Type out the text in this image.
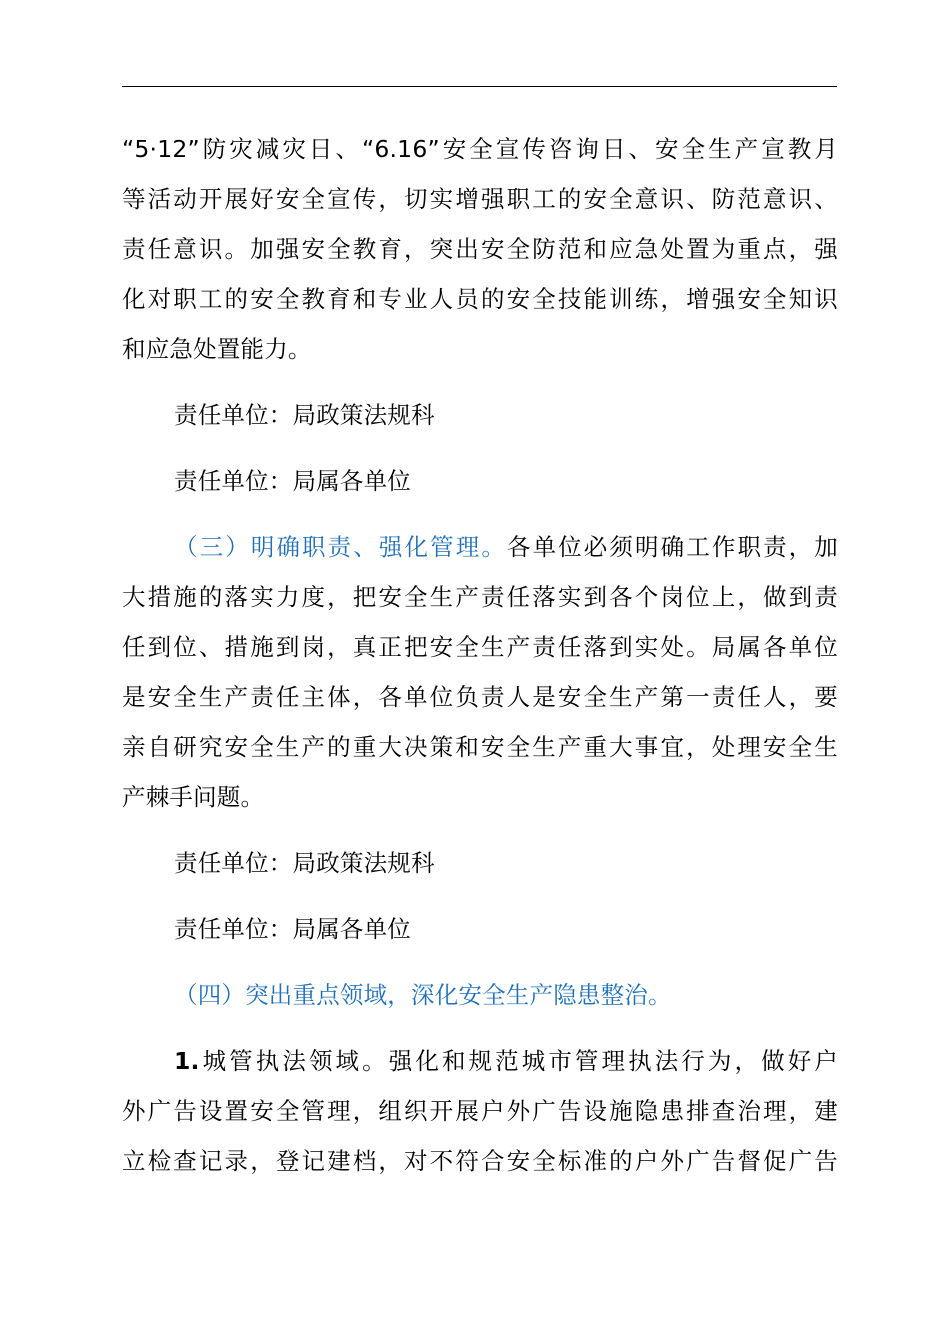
“5·12”防灾减灾日、“6.16”安全宣传咨询日、安全生产宣教月
等活动开展好安全宣传，切实增强职工的安全意识、防范意识、
责任意识。加强安全教育，突出安全防范和应急处置为重点，强
化对职工的安全教育和专业人员的安全技能训练，增强安全知识
和应急处置能力。
责任单位：局政策法规科
责任单位：局属各单位
（三）明确职责、强化管理。各单位必须明确工作职责，加
大措施的落实力度，把安全生产责任落实到各个岗位上，做到责
任到位、措施到岗，真正把安全生产责任落到实处。局属各单位
是安全生产责任主体，各单位负责人是安全生产第一责任人，要
亲自研究安全生产的重大决策和安全生产重大事宜，处理安全生
产棘手问题。
责任单位：局政策法规科
责任单位：局属各单位
（四）突出重点领域，深化安全生产隐患整治。
1.城管执法领域。强化和规范城市管理执法行为，做好户
外广告设置安全管理，组织开展户外广告设施隐患排查治理，建
立检查记录，登记建档，对不符合安全标准的户外广告督促广告
